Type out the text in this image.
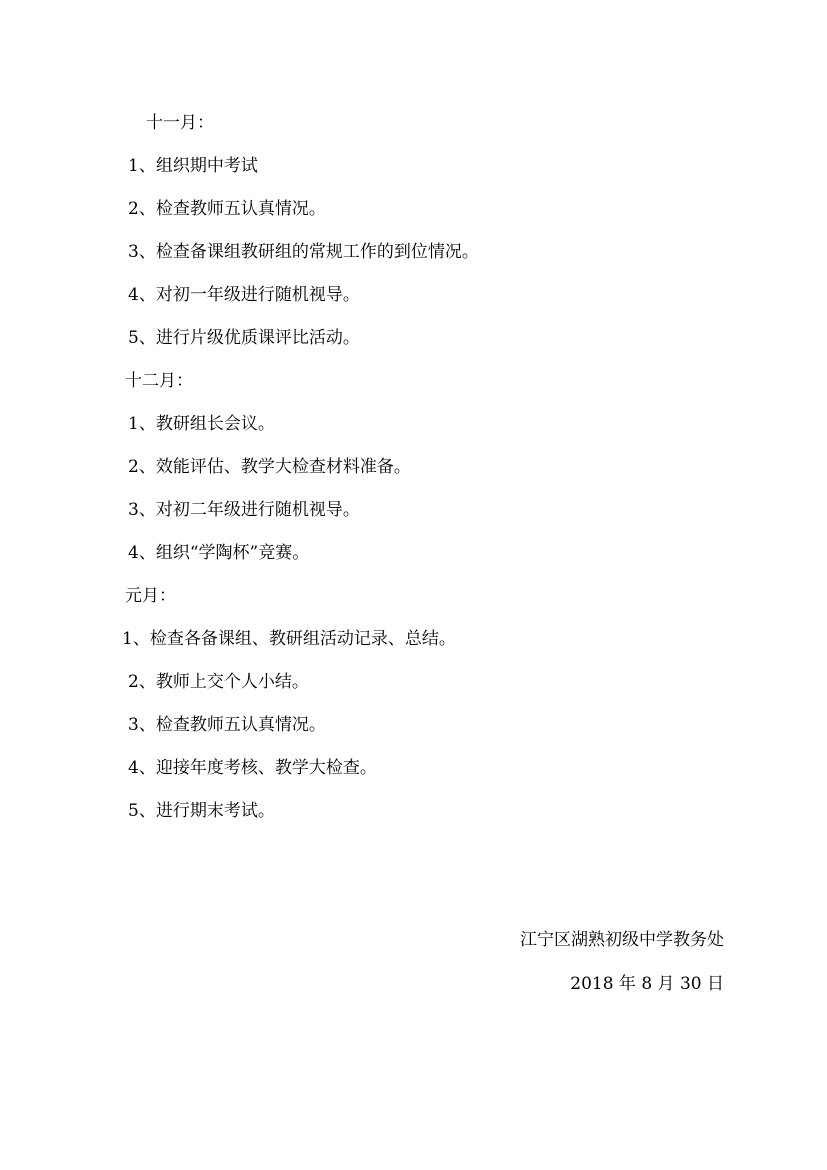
十一月：
1、组织期中考试
2、检查教师五认真情况。
3、检查备课组教研组的常规工作的到位情况。
4、对初一年级进行随机视导。
5、进行片级优质课评比活动。
十二月：
1、教研组长会议。
2、效能评估、教学大检查材料准备。
3、对初二年级进行随机视导。
4、组织“学陶杯”竞赛。
元月：
1、检查各备课组、教研组活动记录、总结。
2、教师上交个人小结。
3、检查教师五认真情况。
4、迎接年度考核、教学大检查。
5、进行期末考试。
江宁区湖熟初级中学教务处
2018 年 8 月 30 日
